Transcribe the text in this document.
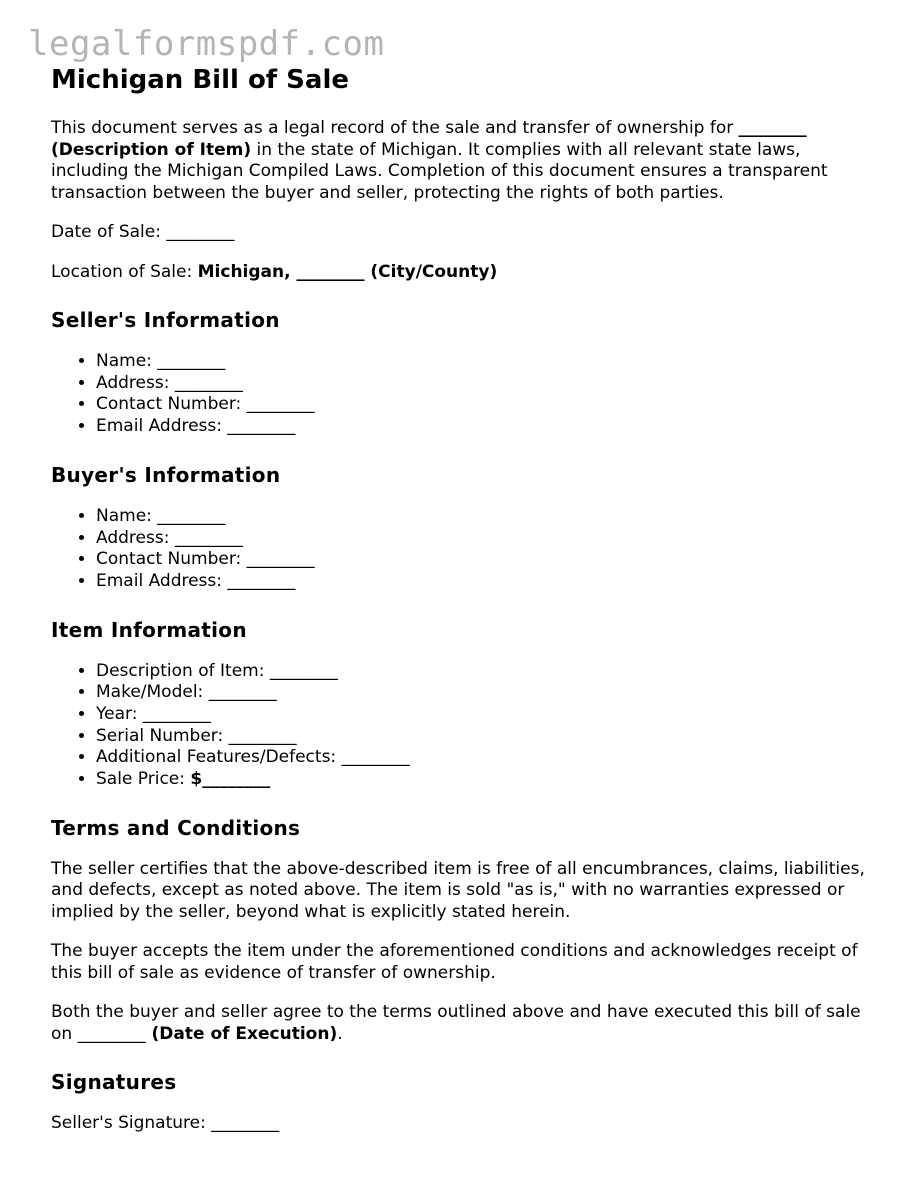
legalformspdf.com
Michigan Bill of Sale

This document serves as a legal record of the sale and transfer of ownership for ________
(Description of Item) in the state of Michigan. It complies with all relevant state laws, including the Michigan Compiled Laws. Completion of this document ensures a transparent transaction between the buyer and seller, protecting the rights of both parties.

Date of Sale: ________

Location of Sale: Michigan, ________ (City/County)

Seller's Information
• Name: ________
• Address: ________
• Contact Number: ________
• Email Address: ________
Buyer's Information
• Name: ________
• Address: ________
• Contact Number: ________
• Email Address: ________
Item Information
• Description of Item: ________
• Make/Model: ________
• Year: ________
• Serial Number: ________
• Additional Features/Defects: ________
• Sale Price: $________
Terms and Conditions

The seller certifies that the above-described item is free of all encumbrances, claims, liabilities, and defects, except as noted above. The item is sold "as is," with no warranties expressed or implied by the seller, beyond what is explicitly stated herein.

The buyer accepts the item under the aforementioned conditions and acknowledges receipt of this bill of sale as evidence of transfer of ownership.

Both the buyer and seller agree to the terms outlined above and have executed this bill of sale on ________ (Date of Execution).

Signatures

Seller's Signature: ________
